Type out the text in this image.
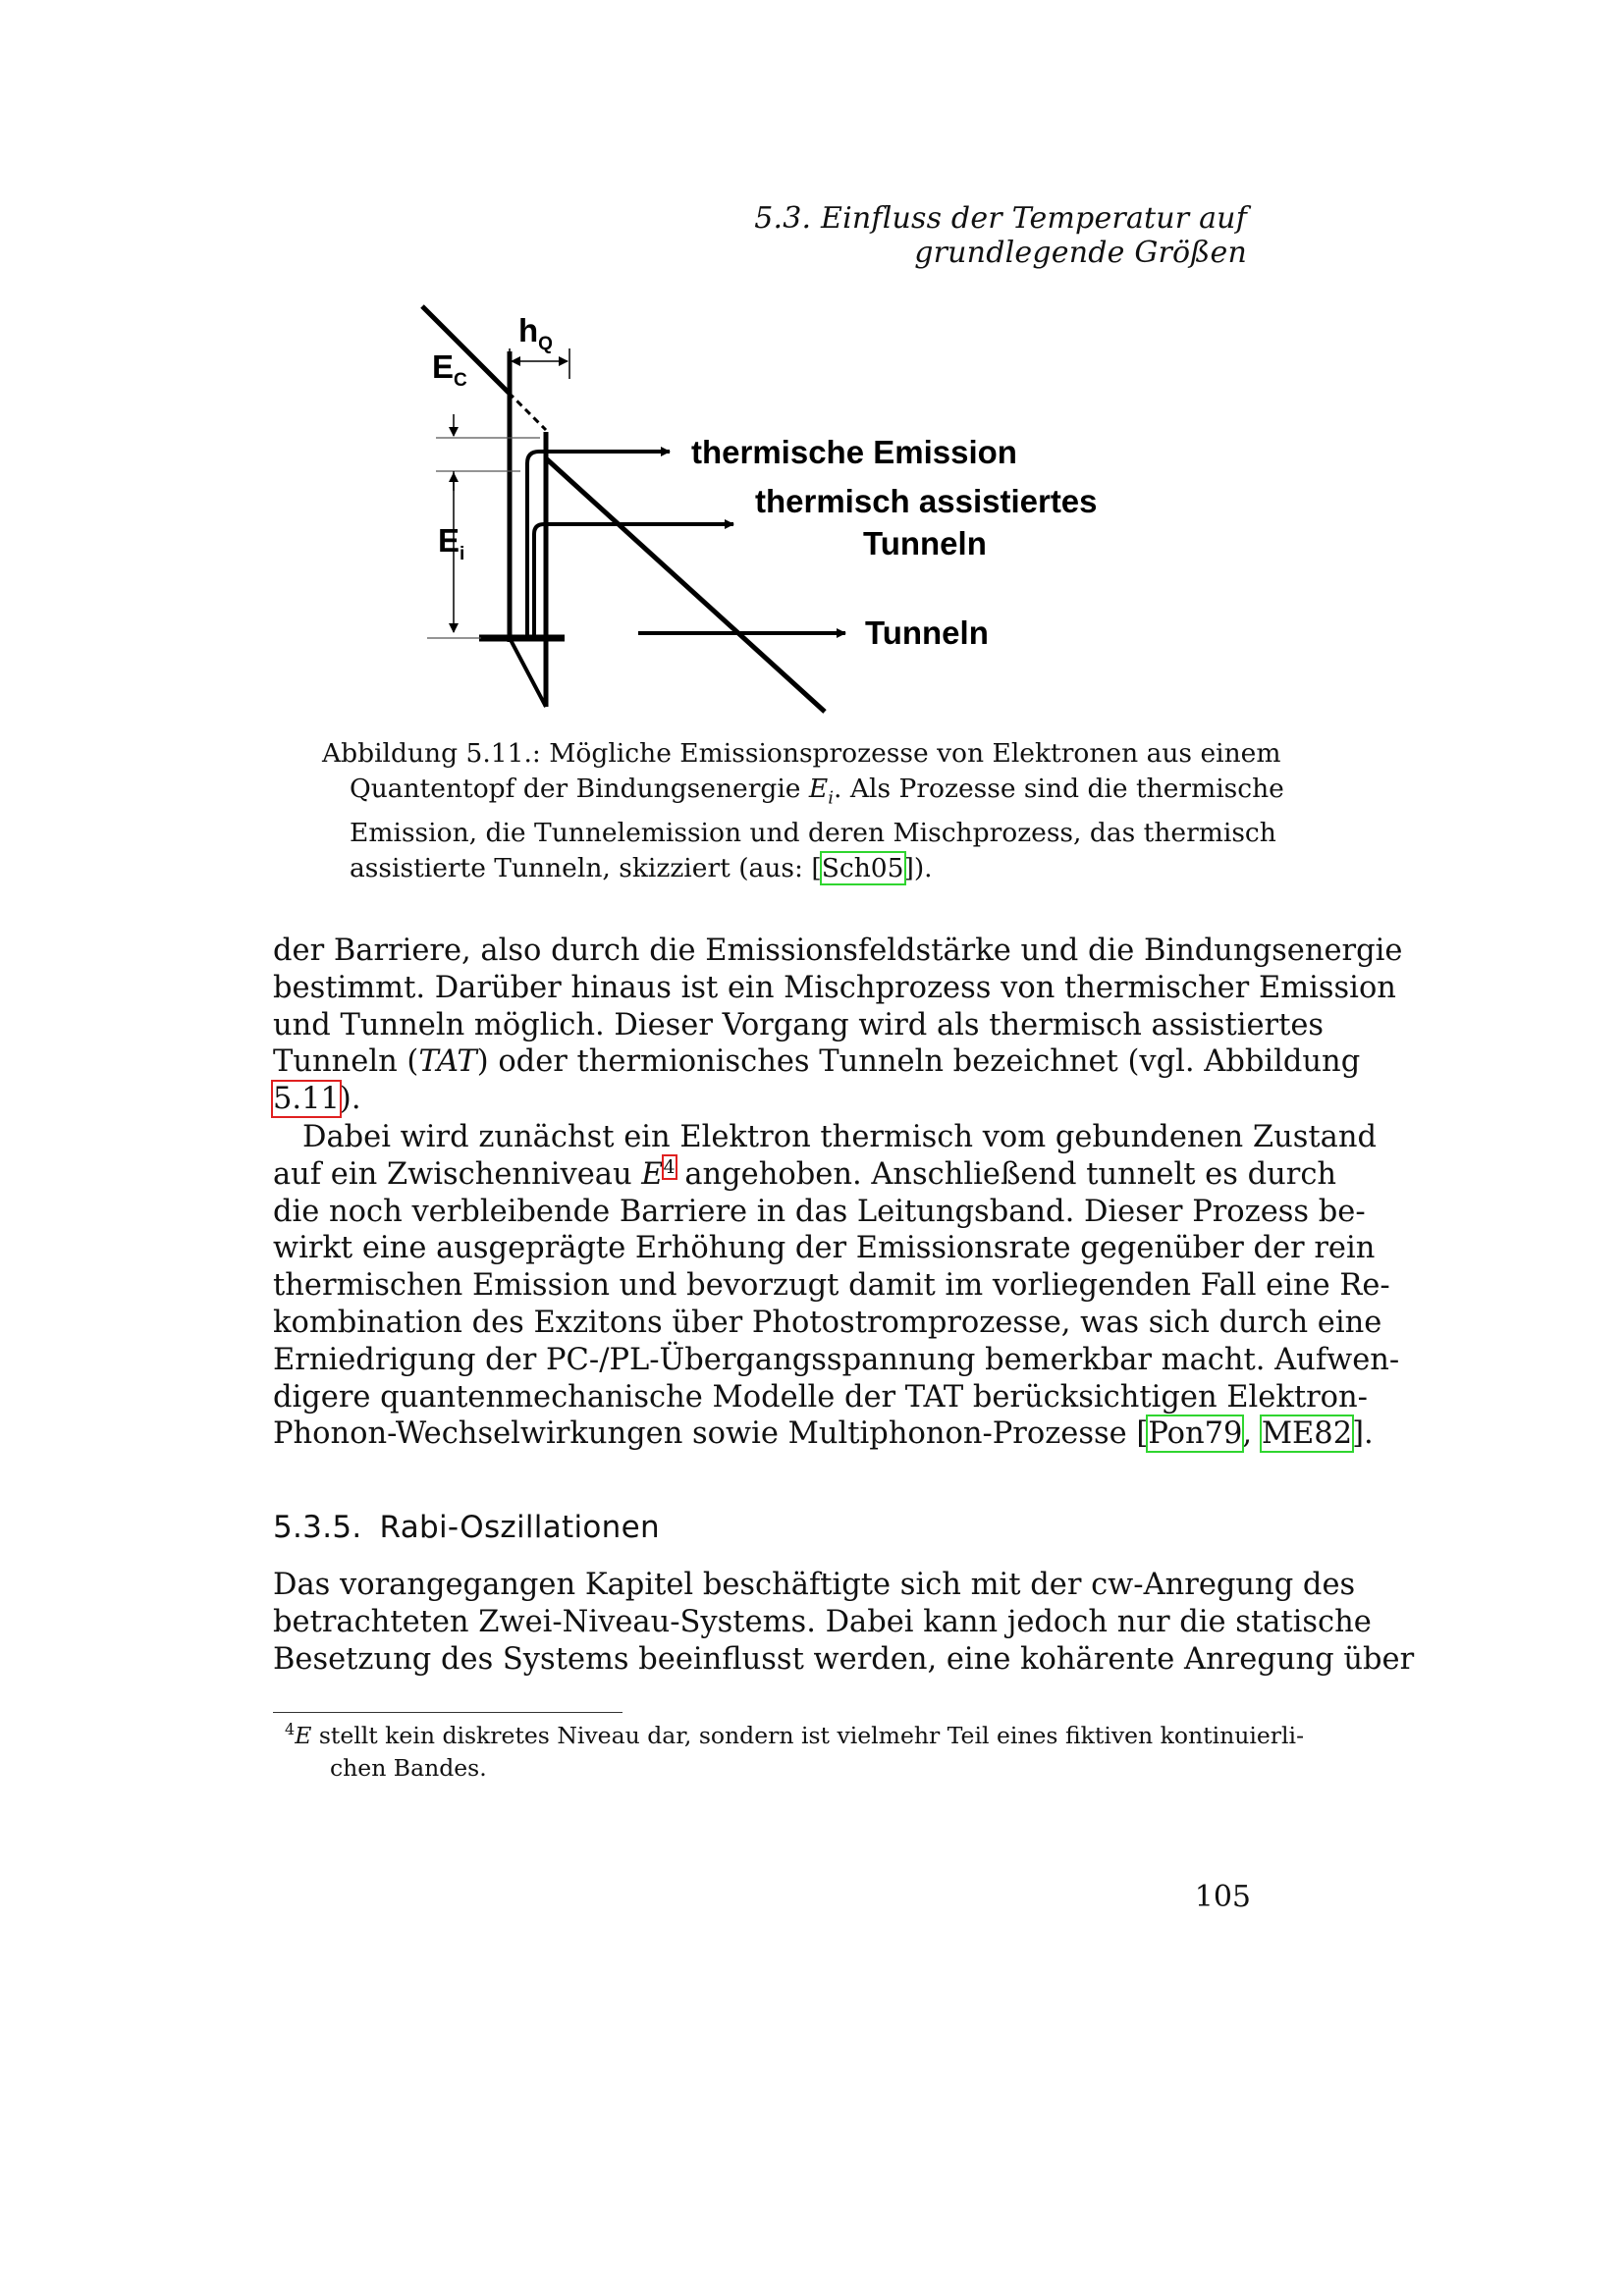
5.3. Einfluss der Temperatur auf grundlegende Größen
$E_C$
$h_Q$
$E_i$
thermische Emission
thermisch assistiertes
Tunneln
Tunneln
Abbildung 5.11.: Mögliche Emissionsprozesse von Elektronen aus einem
Quantentopf der Bindungsenergie $E_i$. Als Prozesse sind die thermische
Emission, die Tunnelemission und deren Mischprozess, das thermisch
assistierte Tunneln, skizziert (aus: [Sch05]).
der Barriere, also durch die Emissionsfeldstärke und die Bindungsenergie
bestimmt. Darüber hinaus ist ein Mischprozess von thermischer Emission
und Tunneln möglich. Dieser Vorgang wird als thermisch assistiertes
Tunneln (TAT) oder thermionisches Tunneln bezeichnet (vgl. Abbildung
5.11).
Dabei wird zunächst ein Elektron thermisch vom gebundenen Zustand
auf ein Zwischenniveau E$^4$ angehoben. Anschließend tunnelt es durch
die noch verbleibende Barriere in das Leitungsband. Dieser Prozess be-
wirkt eine ausgeprägte Erhöhung der Emissionsrate gegenüber der rein
thermischen Emission und bevorzugt damit im vorliegenden Fall eine Re-
kombination des Exzitons über Photostromprozesse, was sich durch eine
Erniedrigung der PC-/PL-Übergangsspannung bemerkbar macht. Aufwen-
digere quantenmechanische Modelle der TAT berücksichtigen Elektron-
Phonon-Wechselwirkungen sowie Multiphonon-Prozesse [Pon79, ME82].
5.3.5. Rabi-Oszillationen
Das vorangegangen Kapitel beschäftigte sich mit der cw-Anregung des
betrachteten Zwei-Niveau-Systems. Dabei kann jedoch nur die statische
Besetzung des Systems beeinflusst werden, eine kohärente Anregung über
$^4$E stellt kein diskretes Niveau dar, sondern ist vielmehr Teil eines fiktiven kontinuierli-
chen Bandes.
105
